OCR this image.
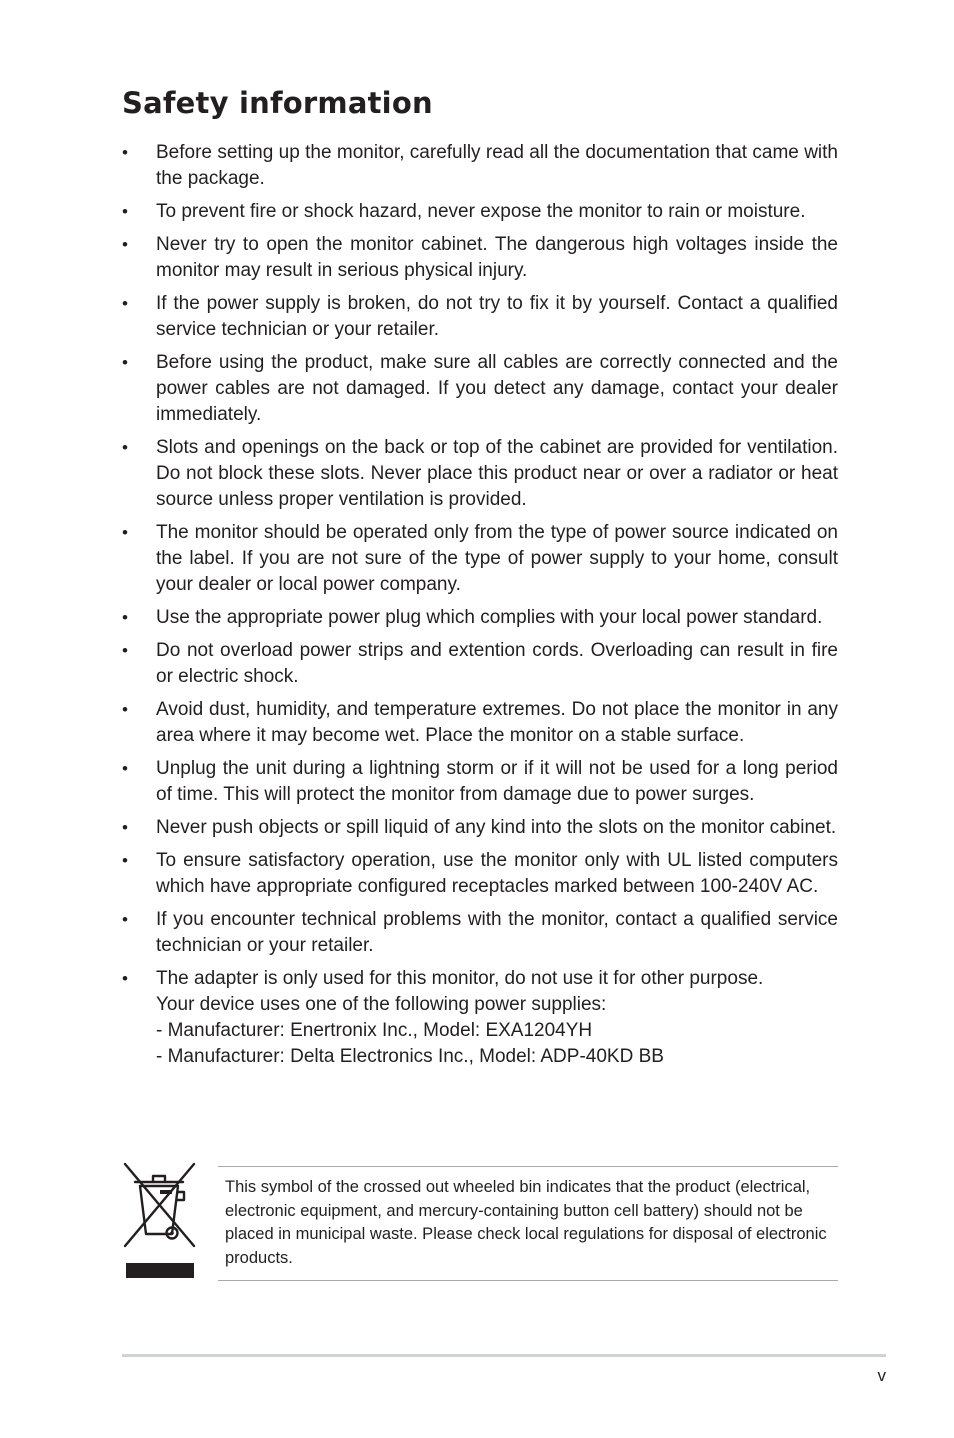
Safety information
• Before setting up the monitor, carefully read all the documentation that came with the package.
• To prevent fire or shock hazard, never expose the monitor to rain or moisture.
• Never try to open the monitor cabinet. The dangerous high voltages inside the monitor may result in serious physical injury.
• If the power supply is broken, do not try to fix it by yourself. Contact a qualified service technician or your retailer.
• Before using the product, make sure all cables are correctly connected and the power cables are not damaged. If you detect any damage, contact your dealer immediately.
• Slots and openings on the back or top of the cabinet are provided for ventilation. Do not block these slots. Never place this product near or over a radiator or heat source unless proper ventilation is provided.
• The monitor should be operated only from the type of power source indicated on the label. If you are not sure of the type of power supply to your home, consult your dealer or local power company.
• Use the appropriate power plug which complies with your local power standard.
• Do not overload power strips and extention cords. Overloading can result in fire or electric shock.
• Avoid dust, humidity, and temperature extremes. Do not place the monitor in any area where it may become wet. Place the monitor on a stable surface.
• Unplug the unit during a lightning storm or if it will not be used for a long period of time. This will protect the monitor from damage due to power surges.
• Never push objects or spill liquid of any kind into the slots on the monitor cabinet.
• To ensure satisfactory operation, use the monitor only with UL listed computers which have appropriate configured receptacles marked between 100-240V AC.
• If you encounter technical problems with the monitor, contact a qualified service technician or your retailer.
• The adapter is only used for this monitor, do not use it for other purpose.
Your device uses one of the following power supplies:
- Manufacturer: Enertronix Inc., Model: EXA1204YH
- Manufacturer: Delta Electronics Inc., Model: ADP-40KD BB
This symbol of the crossed out wheeled bin indicates that the product (electrical, electronic equipment, and mercury-containing button cell battery) should not be placed in municipal waste. Please check local regulations for disposal of electronic products.
v
